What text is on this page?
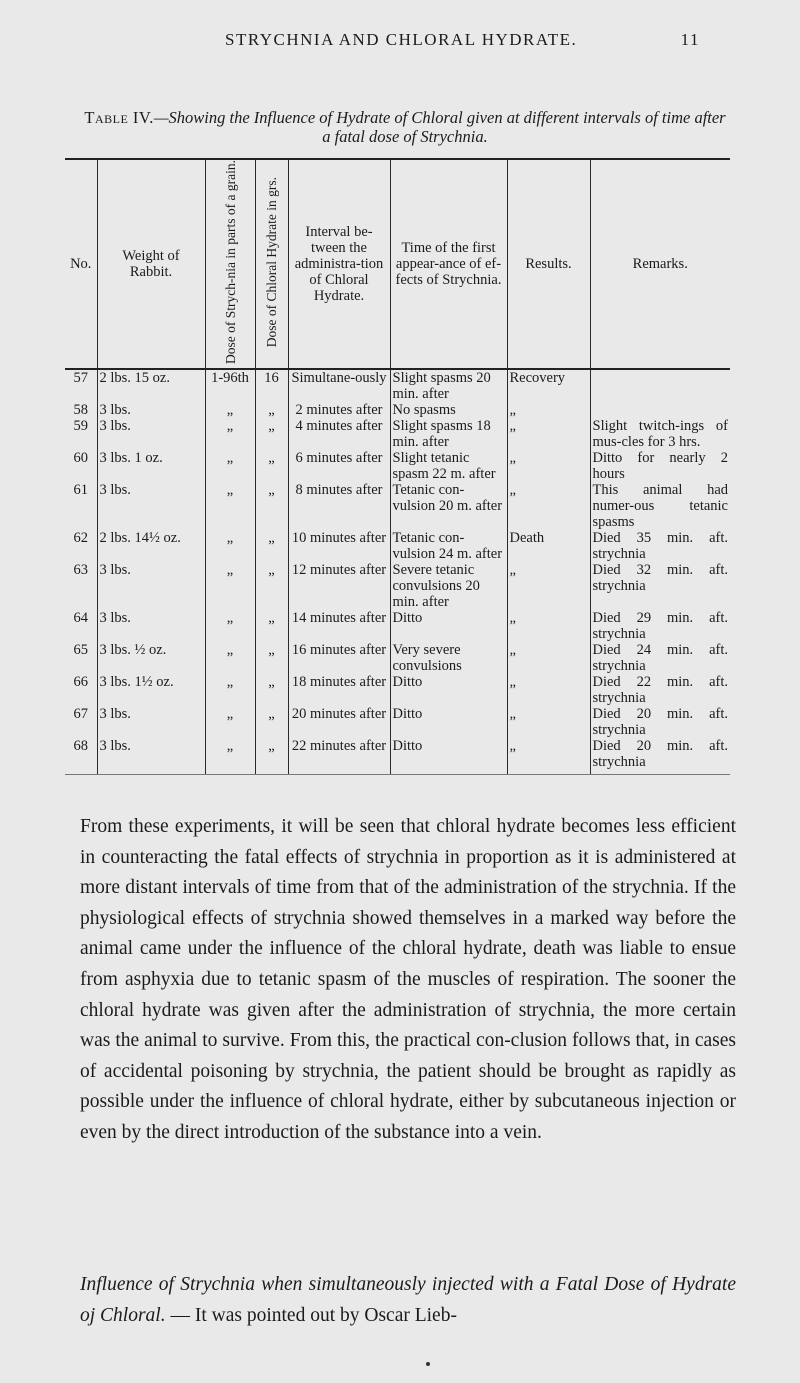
STRYCHNIA AND CHLORAL HYDRATE.	11
Table IV.—Showing the Influence of Hydrate of Chloral given at different intervals of time after a fatal dose of Strychnia.
No.	Weight of Rabbit.	Dose of Strych-nia in parts of a grain.	Dose of Chloral Hydrate in grs.	Interval be-tween the administra-tion of Chloral Hydrate.	Time of the first appear-ance of ef-fects of Strychnia.	Results.	Remarks.
57	2 lbs. 15 oz.	1-96th	16	Simultane-ously	Slight spasms 20 min. after	Recovery	
58	3 lbs.	„	„	2 minutes after	No spasms	„	
59	3 lbs.	„	„	4 minutes after	Slight spasms 18 min. after	„	Slight twitch-ings of mus-cles for 3 hrs.
60	3 lbs. 1 oz.	„	„	6 minutes after	Slight tetanic spasm 22 m. after	„	Ditto for nearly 2 hours
61	3 lbs.	„	„	8 minutes after	Tetanic con-vulsion 20 m. after	„	This animal had numer-ous tetanic spasms
62	2 lbs. 14½ oz.	„	„	10 minutes after	Tetanic con-vulsion 24 m. after	Death	Died 35 min. aft. strychnia
63	3 lbs.	„	„	12 minutes after	Severe tetanic convulsions 20 min. after	„	Died 32 min. aft. strychnia
64	3 lbs.	„	„	14 minutes after	Ditto	„	Died 29 min. aft. strychnia
65	3 lbs. ½ oz.	„	„	16 minutes after	Very severe convulsions	„	Died 24 min. aft. strychnia
66	3 lbs. 1½ oz.	„	„	18 minutes after	Ditto	„	Died 22 min. aft. strychnia
67	3 lbs.	„	„	20 minutes after	Ditto	„	Died 20 min. aft. strychnia
68	3 lbs.	„	„	22 minutes after	Ditto	„	Died 20 min. aft. strychnia

From these experiments, it will be seen that chloral hydrate becomes less efficient in counteracting the fatal effects of strychnia in proportion as it is administered at more distant intervals of time from that of the administration of the strychnia. If the physiological effects of strychnia showed themselves in a marked way before the animal came under the influence of the chloral hydrate, death was liable to ensue from asphyxia due to tetanic spasm of the muscles of respiration. The sooner the chloral hydrate was given after the administration of strychnia, the more certain was the animal to survive. From this, the practical con-clusion follows that, in cases of accidental poisoning by strychnia, the patient should be brought as rapidly as possible under the influence of chloral hydrate, either by subcutaneous injection or even by the direct introduction of the substance into a vein.

Influence of Strychnia when simultaneously injected with a Fatal Dose of Hydrate oj Chloral. — It was pointed out by Oscar Lieb-
